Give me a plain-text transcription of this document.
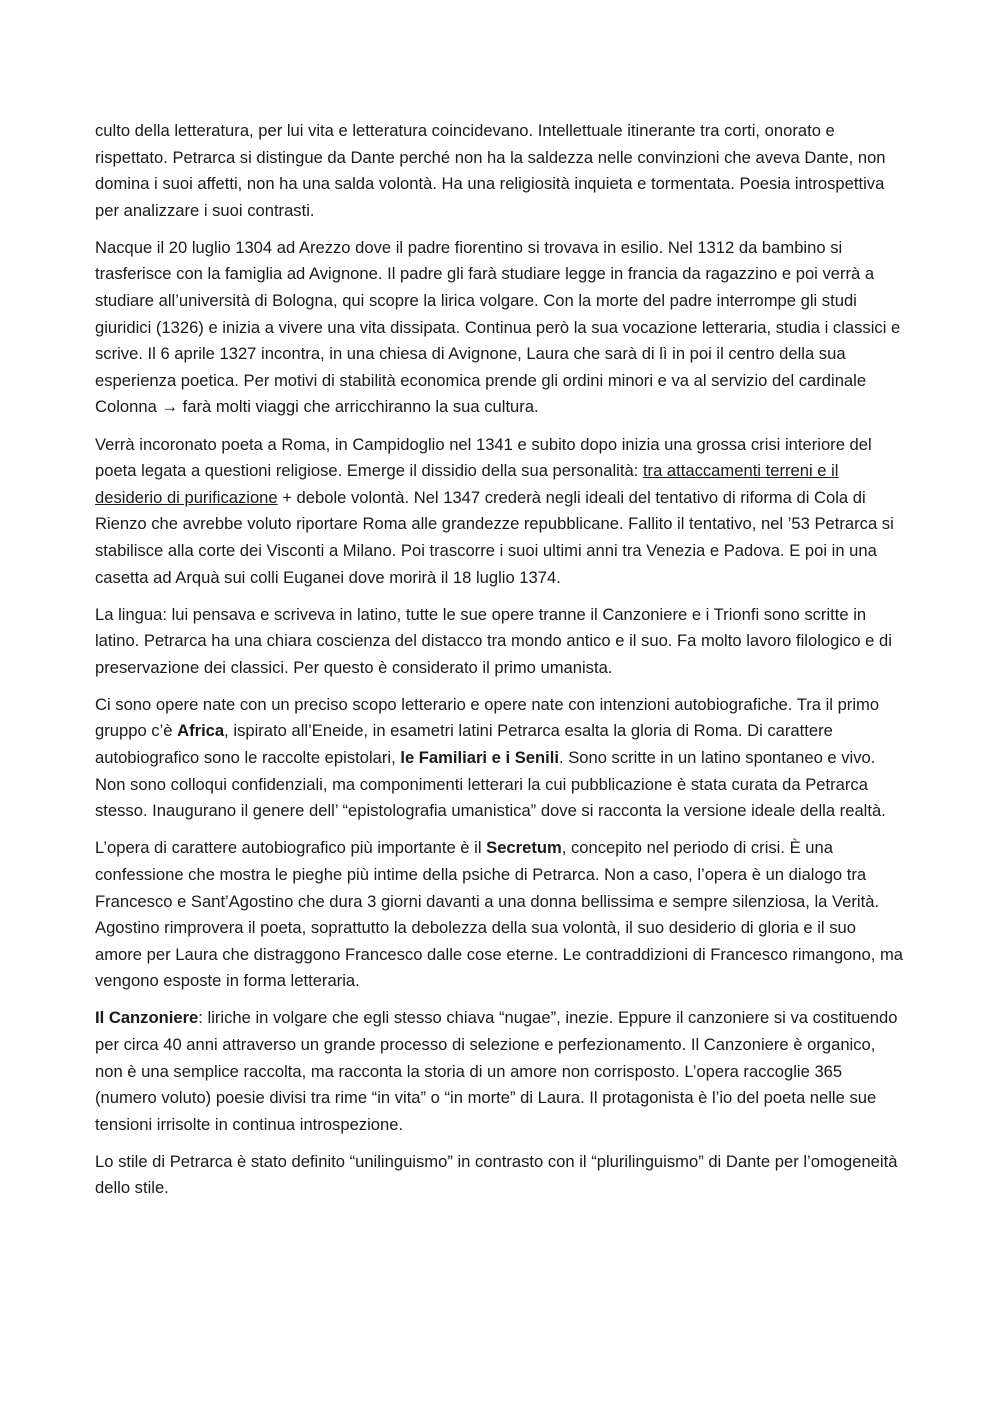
culto della letteratura, per lui vita e letteratura coincidevano. Intellettuale itinerante tra corti, onorato e rispettato. Petrarca si distingue da Dante perché non ha la saldezza nelle convinzioni che aveva Dante, non domina i suoi affetti, non ha una salda volontà. Ha una religiosità inquieta e tormentata. Poesia introspettiva per analizzare i suoi contrasti.

Nacque il 20 luglio 1304 ad Arezzo dove il padre fiorentino si trovava in esilio. Nel 1312 da bambino si trasferisce con la famiglia ad Avignone. Il padre gli farà studiare legge in francia da ragazzino e poi verrà a studiare all’università di Bologna, qui scopre la lirica volgare. Con la morte del padre interrompe gli studi giuridici (1326) e inizia a vivere una vita dissipata. Continua però la sua vocazione letteraria, studia i classici e scrive. Il 6 aprile 1327 incontra, in una chiesa di Avignone, Laura che sarà di lì in poi il centro della sua esperienza poetica. Per motivi di stabilità economica prende gli ordini minori e va al servizio del cardinale Colonna → farà molti viaggi che arricchiranno la sua cultura.

Verrà incoronato poeta a Roma, in Campidoglio nel 1341 e subito dopo inizia una grossa crisi interiore del poeta legata a questioni religiose. Emerge il dissidio della sua personalità: tra attaccamenti terreni e il desiderio di purificazione + debole volontà. Nel 1347 crederà negli ideali del tentativo di riforma di Cola di Rienzo che avrebbe voluto riportare Roma alle grandezze repubblicane. Fallito il tentativo, nel ’53 Petrarca si stabilisce alla corte dei Visconti a Milano. Poi trascorre i suoi ultimi anni tra Venezia e Padova. E poi in una casetta ad Arquà sui colli Euganei dove morirà il 18 luglio 1374.

La lingua: lui pensava e scriveva in latino, tutte le sue opere tranne il Canzoniere e i Trionfi sono scritte in latino. Petrarca ha una chiara coscienza del distacco tra mondo antico e il suo. Fa molto lavoro filologico e di preservazione dei classici. Per questo è considerato il primo umanista.

Ci sono opere nate con un preciso scopo letterario e opere nate con intenzioni autobiografiche. Tra il primo gruppo c’è Africa, ispirato all’Eneide, in esametri latini Petrarca esalta la gloria di Roma. Di carattere autobiografico sono le raccolte epistolari, le Familiari e i Senili. Sono scritte in un latino spontaneo e vivo. Non sono colloqui confidenziali, ma componimenti letterari la cui pubblicazione è stata curata da Petrarca stesso. Inaugurano il genere dell’ “epistolografia umanistica” dove si racconta la versione ideale della realtà.

L’opera di carattere autobiografico più importante è il Secretum, concepito nel periodo di crisi. È una confessione che mostra le pieghe più intime della psiche di Petrarca. Non a caso, l’opera è un dialogo tra Francesco e Sant’Agostino che dura 3 giorni davanti a una donna bellissima e sempre silenziosa, la Verità. Agostino rimprovera il poeta, soprattutto la debolezza della sua volontà, il suo desiderio di gloria e il suo amore per Laura che distraggono Francesco dalle cose eterne. Le contraddizioni di Francesco rimangono, ma vengono esposte in forma letteraria.

Il Canzoniere: liriche in volgare che egli stesso chiava “nugae”, inezie. Eppure il canzoniere si va costituendo per circa 40 anni attraverso un grande processo di selezione e perfezionamento. Il Canzoniere è organico, non è una semplice raccolta, ma racconta la storia di un amore non corrisposto. L’opera raccoglie 365 (numero voluto) poesie divisi tra rime “in vita” o “in morte” di Laura. Il protagonista è l’io del poeta nelle sue tensioni irrisolte in continua introspezione.

Lo stile di Petrarca è stato definito “unilinguismo” in contrasto con il “plurilinguismo” di Dante per l’omogeneità dello stile.
